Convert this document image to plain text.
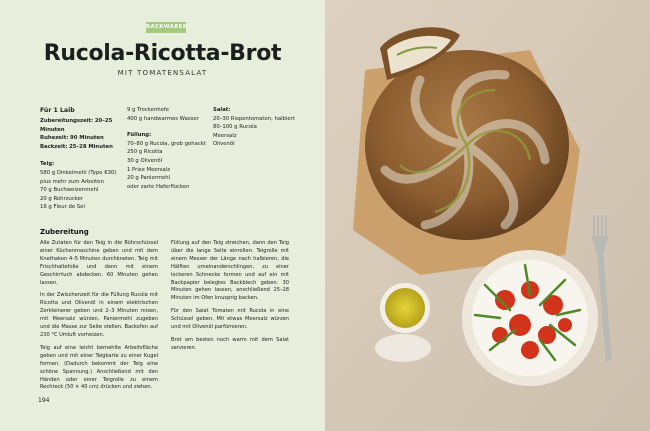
BACKWAREN
Rucola-Ricotta-Brot
MIT TOMATENSALAT
Für 1 Laib
Zubereitungszeit: 20–25 Minuten
Ruhezeit: 90 Minuten
Backzeit: 25–28 Minuten
Teig:
580 g Dinkelmehl (Type 630)
plus mehr zum Arbeiten
70 g Buchweizenmehl
20 g Rohrzucker
16 g Fleur de Sel
9 g Trockenhefe
400 g handwarmes Wasser
Füllung:
70–80 g Rucola, grob gehackt
250 g Ricotta
30 g Olivenöl
1 Prise Meersalz
20 g Paniermehl
oder zarte Haferflocken
Salat:
20–30 Rispentomaten, halbiert
80–100 g Rucola
Meersalz
Olivenöl
Zubereitung

Alle Zutaten für den Teig in die Rührschüssel einer Küchenmaschine geben und mit dem Knethaken 4–5 Minuten durchkneten. Teig mit Frischhaltefolie und dann mit einem Geschirrtuch abdecken. 60 Minuten gehen lassen.

In der Zwischenzeit für die Füllung Rucola mit Ricotta und Olivenöl in einem elektrischen Zerkleinerer geben und 2–3 Minuten mixen, mit Meersalz würzen. Paniermehl zugeben und die Masse zur Seite stellen. Backofen auf 230 °C Umluft vorheizen.

Teig auf eine leicht bemehlte Arbeitsfläche geben und mit einer Teigkarte zu einer Kugel formen. (Dadurch bekommt der Teig eine schöne Spannung.) Anschließend mit den Händen oder einer Teigrolle zu einem Rechteck (50 × 40 cm) drücken und ziehen.

Füllung auf den Teig streichen, dann den Teig über die lange Seite einrollen. Teigrolle mit einem Messer der Länge nach halbieren, die Hälften umeinanderschlingen, zu einer lockeren Schnecke formen und auf ein mit Backpapier belegtes Backblech geben. 30 Minuten gehen lassen, anschließend 25–28 Minuten im Ofen knusprig backen.

Für den Salat Tomaten mit Rucola in eine Schüssel geben. Mit etwas Meersalz würzen und mit Olivenöl parfümieren.

Brot am besten noch warm mit dem Salat servieren.

194
